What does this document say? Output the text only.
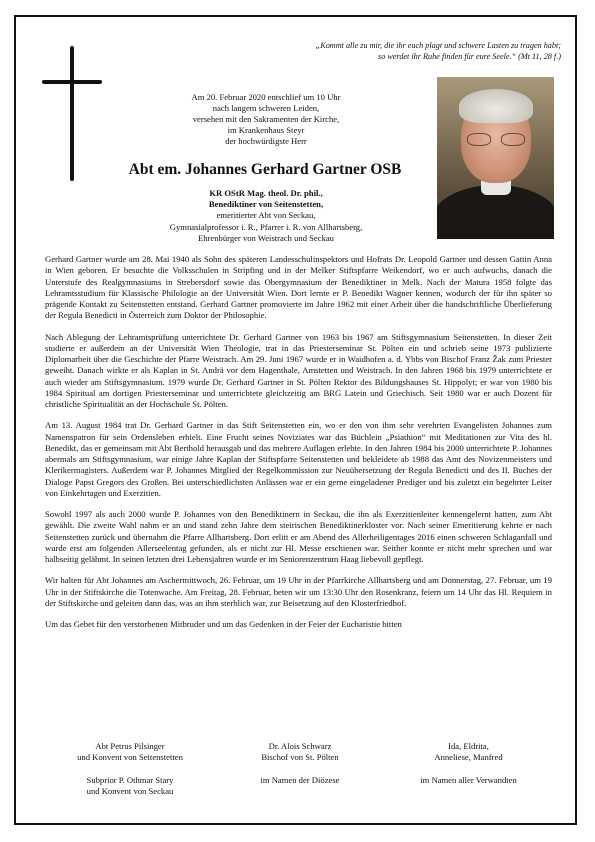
„Kommt alle zu mir, die ihr euch plagt und schwere Lasten zu tragen habt;
so werdet ihr Ruhe finden für eure Seele.“ (Mt 11, 28 f.)
Am 20. Februar 2020 entschlief um 10 Uhr
nach langem schweren Leiden,
versehen mit den Sakramenten der Kirche,
im Krankenhaus Steyr
der hochwürdigste Herr
Abt em. Johannes Gerhard Gartner OSB
KR OStR Mag. theol. Dr. phil.,
Benediktiner von Seitenstetten,
emeritierter Abt von Seckau,
Gymnasialprofessor i. R., Pfarrer i. R. von Allhartsberg,
Ehrenbürger von Weistrach und Seckau

Gerhard Gartner wurde am 28. Mai 1940 als Sohn des späteren Landesschulinspektors und Hofrats Dr. Leopold Gartner und dessen Gattin Anna in Wien geboren. Er besuchte die Volksschulen in Stripfing und in der Melker Stiftspfarre Weikendorf, wo er auch aufwuchs, danach die Unterstufe des Realgymnasiums in Strebersdorf sowie das Obergymnasium der Benediktiner in Melk. Nach der Matura 1958 folgte das Lehramtsstudium für Klassische Philologie an der Universität Wien. Dort lernte er P. Benedikt Wagner kennen, wodurch der für ihn später so prägende Kontakt zu Seitenstetten entstand. Gerhard Gartner promovierte im Jahre 1962 mit einer Arbeit über die handschriftliche Überlieferung der Regula Benedicti in Österreich zum Doktor der Philosophie.

Nach Ablegung der Lehramtsprüfung unterrichtete Dr. Gerhard Gartner von 1963 bis 1967 am Stiftsgymnasium Seitenstetten. In dieser Zeit studierte er außerdem an der Universität Wien Theologie, trat in das Priesterseminar St. Pölten ein und schrieb seine 1973 publizierte Diplomarbeit über die Geschichte der Pfarre Weistrach. Am 29. Juni 1967 wurde er in Waidhofen a. d. Ybbs von Bischof Franz Žak zum Priester geweiht. Danach wirkte er als Kaplan in St. Andrä vor dem Hagenthale, Amstetten und Weistrach. In den Jahren 1968 bis 1979 unterrichtete er auch wieder am Stiftsgymnasium. 1979 wurde Dr. Gerhard Gartner in St. Pölten Rektor des Bildungshauses St. Hippolyt; er war von 1980 bis 1984 Spiritual am dortigen Priesterseminar und unterrichtete gleichzeitig am BRG Latein und Griechisch. Seit 1980 war er auch Dozent für christliche Spiritualität an der Hochschule St. Pölten.

Am 13. August 1984 trat Dr. Gerhard Gartner in das Stift Seitenstetten ein, wo er den von ihm sehr verehrten Evangelisten Johannes zum Namenspatron für sein Ordensleben erhielt. Eine Frucht seines Noviziates war das Büchlein „Psiathion“ mit Meditationen zur Vita des hl. Benedikt, das er gemeinsam mit Abt Berthold herausgab und das mehrere Auflagen erlebte. In den Jahren 1984 bis 2000 unterrichtete P. Johannes abermals am Stiftsgymnasium, war einige Jahre Kaplan der Stiftspfarre Seitenstetten und bekleidete ab 1988 das Amt des Novizenmeisters und Klerikermagisters. Außerdem war P. Johannes Mitglied der Regelkommission zur Neuübersetzung der Regula Benedicti und des II. Buches der Dialoge Papst Gregors des Großen. Bei unterschiedlichsten Anlässen war er ein gerne eingeladener Prediger und bis zuletzt ein begehrter Leiter von Einkehrtagen und Exerzitien.

Sowohl 1997 als auch 2000 wurde P. Johannes von den Benediktinern in Seckau, die ihn als Exerzitienleiter kennengelernt hatten, zum Abt gewählt. Die zweite Wahl nahm er an und stand zehn Jahre dem steirischen Benediktinerkloster vor. Nach seiner Emeritierung kehrte er nach Seitenstetten zurück und übernahm die Pfarre Allhartsberg. Dort erlitt er am Abend des Allerheiligentages 2016 einen schweren Schlaganfall und wurde erst am folgenden Allerseelentag gefunden, als er nicht zur Hl. Messe erschienen war. Seither konnte er nicht mehr sprechen und war halbseitig gelähmt. In seinen letzten drei Lebensjahren wurde er im Seniorenzentrum Haag liebevoll gepflegt.

Wir halten für Abt Johannes am Aschermittwoch, 26. Februar, um 19 Uhr in der Pfarrkirche Allhartsberg und am Donnerstag, 27. Februar, um 19 Uhr in der Stiftskirche die Totenwache. Am Freitag, 28. Februar, beten wir um 13:30 Uhr den Rosenkranz, feiern um 14 Uhr das Hl. Requiem in der Stiftskirche und geleiten dann das, was an ihm sterblich war, zur Beisetzung auf den Klosterfriedhof.

Um das Gebet für den verstorbenen Mitbruder und um das Gedenken in der Feier der Eucharistie bitten

Abt Petrus Pilsinger
und Konvent von Seitenstetten
Dr. Alois Schwarz
Bischof von St. Pölten
Ida, Eldrita,
Anneliese, Manfred
Subprior P. Othmar Stary
und Konvent von Seckau
im Namen der Diözese	im Namen aller Verwandten
